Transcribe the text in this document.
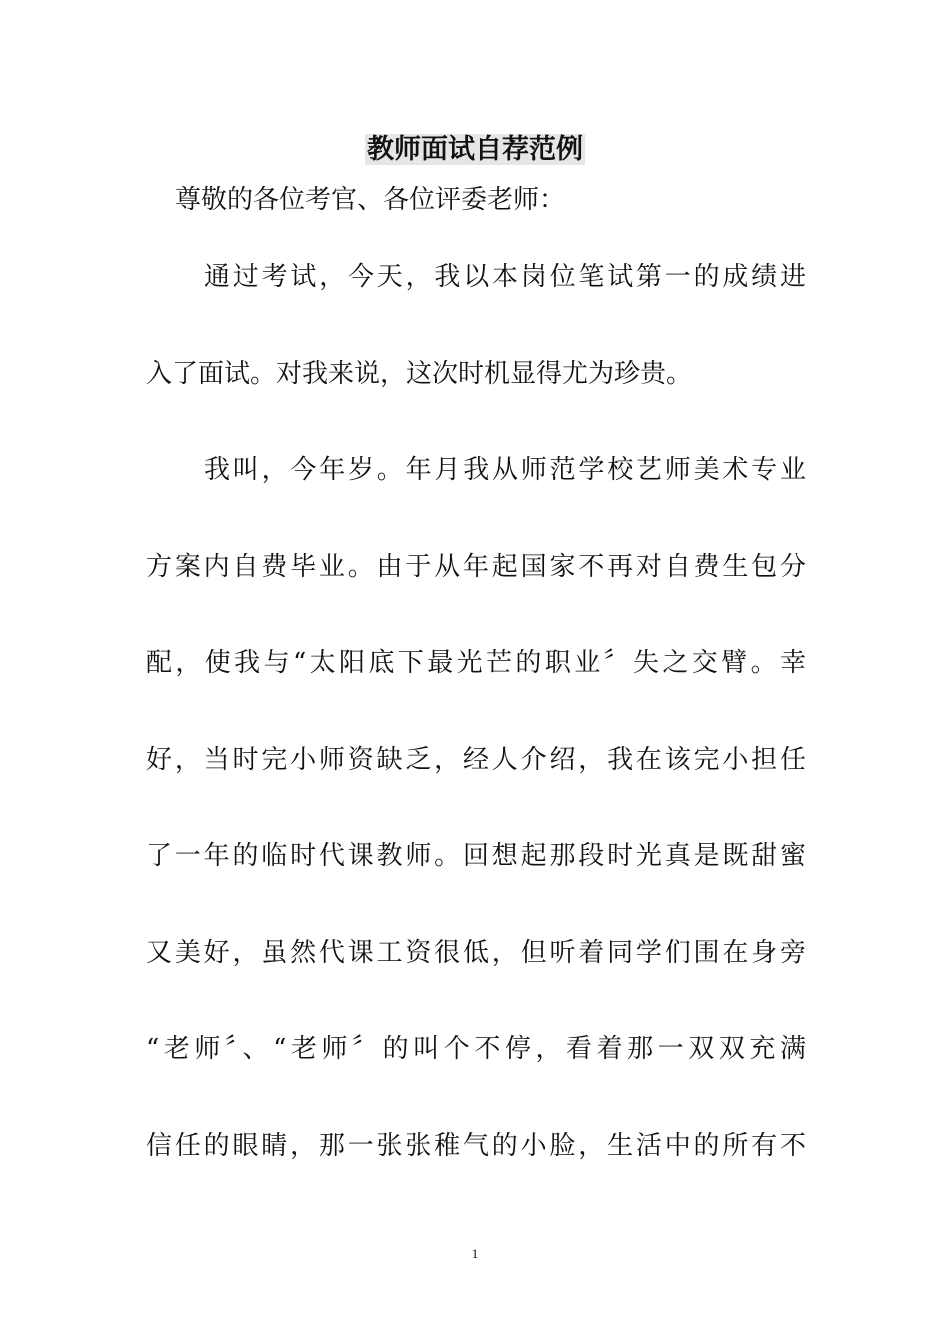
教师面试自荐范例
尊敬的各位考官、各位评委老师：
通过考试，今天，我以本岗位笔试第一的成绩进
入了面试。对我来说，这次时机显得尤为珍贵。
我叫，今年岁。年月我从师范学校艺师美术专业
方案内自费毕业。由于从年起国家不再对自费生包分
配，使我与“太阳底下最光芒的职业〞失之交臂。幸
好，当时完小师资缺乏，经人介绍，我在该完小担任
了一年的临时代课教师。回想起那段时光真是既甜蜜
又美好，虽然代课工资很低，但听着同学们围在身旁
“老师〞、“老师〞的叫个不停，看着那一双双充满
信任的眼睛，那一张张稚气的小脸，生活中的所有不
1
